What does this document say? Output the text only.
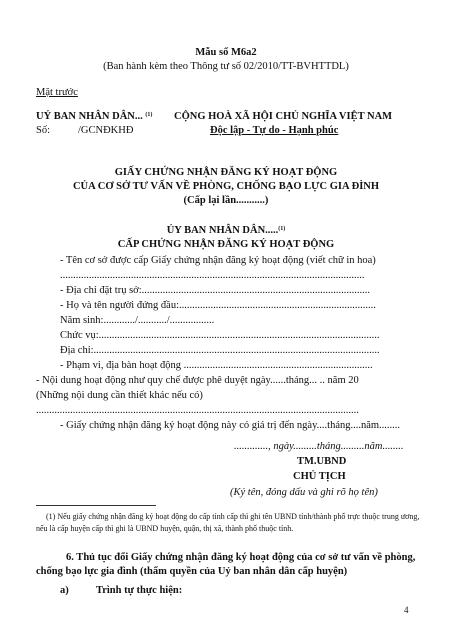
Mẫu số M6a2
(Ban hành kèm theo Thông tư số 02/2010/TT-BVHTTDL)
Mặt trước
UỶ BAN NHÂN DÂN... $^{(1)}$ CỘNG HOÀ XÃ HỘI CHỦ NGHĨA VIỆT NAM
Số:	/GCNĐKHĐ	Độc lập - Tự do - Hạnh phúc
GIẤY CHỨNG NHẬN ĐĂNG KÝ HOẠT ĐỘNG
CỦA CƠ SỞ TƯ VẤN VỀ PHÒNG, CHỐNG BẠO LỰC GIA ĐÌNH
(Cấp lại lần...........)
ỦY BAN NHÂN DÂN.....$^{(1)}$
CẤP CHỨNG NHẬN ĐĂNG KÝ HOẠT ĐỘNG
- Tên cơ sở được cấp Giấy chứng nhận đăng ký hoạt động (viết chữ in hoa)
....................................................................................................................
- Địa chỉ đặt trụ sở:.......................................................................................
- Họ và tên người đứng đầu:...........................................................................
Năm sinh:............/.........../.................
Chức vụ:...........................................................................................................
Địa chỉ:.............................................................................................................
- Phạm vi, địa bàn hoạt động ........................................................................
- Nội dung hoạt động như quy chế được phê duyệt ngày......tháng... .. năm 20
(Những nội dung cần thiết khác nếu có)
...........................................................................................................................
- Giấy chứng nhận đăng ký hoạt động này có giá trị đến ngày....tháng....năm........
............., ngày.........tháng.........năm........
TM.UBND
CHỦ TỊCH
(Ký tên, đóng dấu và ghi rõ họ tên)
(1) Nếu giấy chứng nhận đăng ký hoạt động do cấp tỉnh cấp thì ghi tên UBND tỉnh/thành phố trực thuộc trung ương, nếu là cấp huyện cấp thì ghi là UBND huyện, quận, thị xã, thành phố thuộc tỉnh.
6. Thủ tục đổi Giấy chứng nhận đăng ký hoạt động của cơ sở tư vấn về phòng, chống bạo lực gia đình (thẩm quyền của Uỷ ban nhân dân cấp huyện)
a)	Trình tự thực hiện:
4
